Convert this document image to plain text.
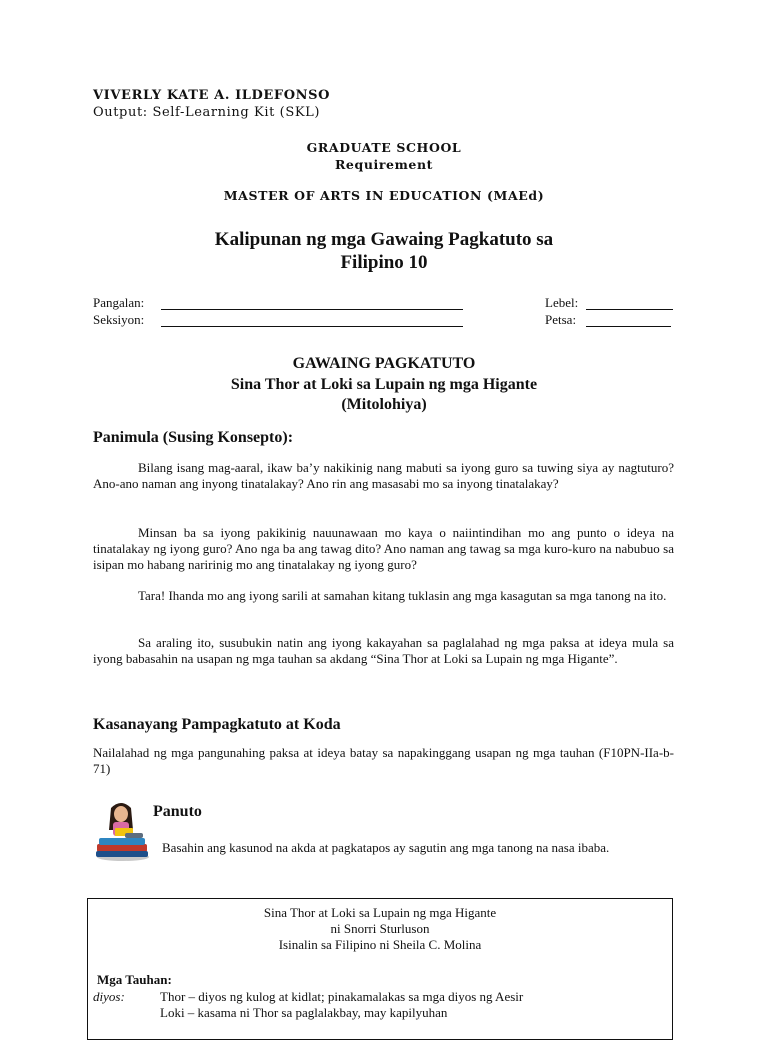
VIVERLY KATE A. ILDEFONSO
Output: Self-Learning Kit (SKL)
GRADUATE SCHOOL
Requirement
MASTER OF ARTS IN EDUCATION (MAEd)
Kalipunan ng mga Gawaing Pagkatuto sa
Filipino 10
Pangalan:
Seksiyon:
Lebel:
Petsa:
GAWAING PAGKATUTO
Sina Thor at Loki sa Lupain ng mga Higante
(Mitolohiya)
Panimula (Susing Konsepto):

Bilang isang mag-aaral, ikaw ba’y nakikinig nang mabuti sa iyong guro sa tuwing siya ay nagtuturo? Ano-ano naman ang inyong tinatalakay? Ano rin ang masasabi mo sa inyong tinatalakay?

Minsan ba sa iyong pakikinig nauunawaan mo kaya o naiintindihan mo ang punto o ideya na tinatalakay ng iyong guro? Ano nga ba ang tawag dito? Ano naman ang tawag sa mga kuro-kuro na nabubuo sa isipan mo habang naririnig mo ang tinatalakay ng iyong guro?

Tara! Ihanda mo ang iyong sarili at samahan kitang tuklasin ang mga kasagutan sa mga tanong na ito.

Sa araling ito, susubukin natin ang iyong kakayahan sa paglalahad ng mga paksa at ideya mula sa iyong babasahin na usapan ng mga tauhan sa akdang “Sina Thor at Loki sa Lupain ng mga Higante”.

Kasanayang Pampagkatuto at Koda

Nailalahad ng mga pangunahing paksa at ideya batay sa napakinggang usapan ng mga tauhan (F10PN-IIa-b-71)

Panuto

Basahin ang kasunod na akda at pagkatapos ay sagutin ang mga tanong na nasa ibaba.

Sina Thor at Loki sa Lupain ng mga Higante
ni Snorri Sturluson
Isinalin sa Filipino ni Sheila C. Molina
Mga Tauhan:
diyos:	Thor – diyos ng kulog at kidlat; pinakamalakas sa mga diyos ng Aesir
Loki – kasama ni Thor sa paglalakbay, may kapilyuhan
